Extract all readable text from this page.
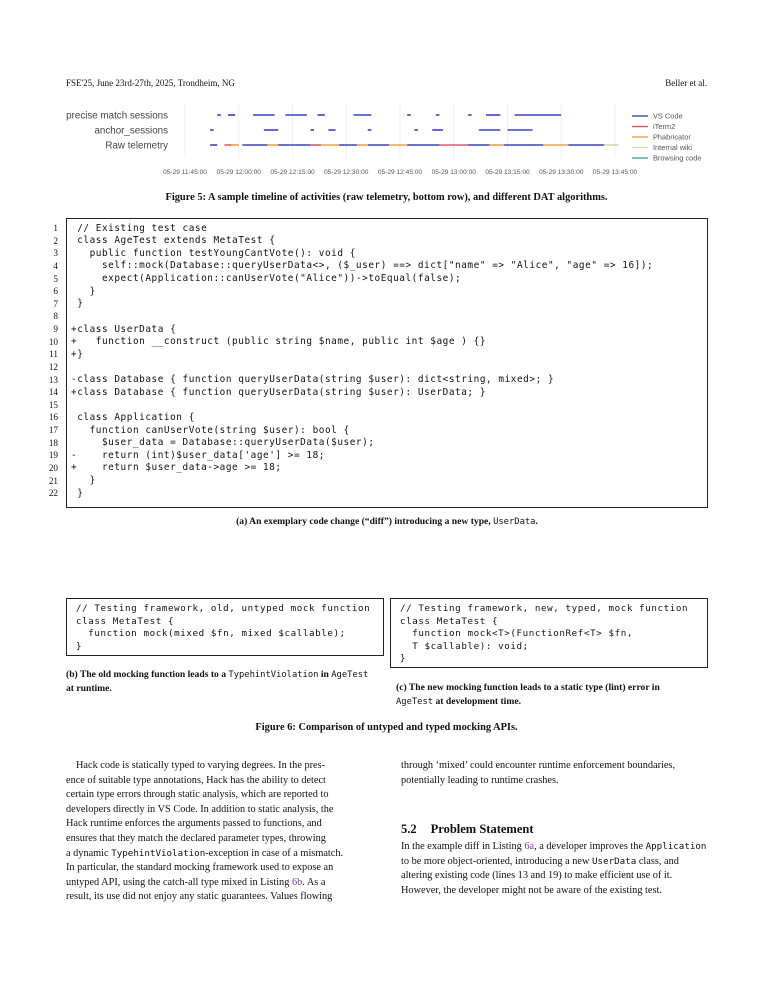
FSE'25, June 23rd-27th, 2025, Trondheim, NG	Beller et al.
precise match sessions
anchor_sessions
Raw telemetry
05-29 11:45:00 05-29 12:00:00 05-29 12:15:00 05-29 12:30:00 05-29 12:45:00 05-29 13:00:00 05-29 13:15:00 05-29 13:30:00 05-29 13:45:00
VS Code
iTerm2
Phabricator
Internal wiki
Browsing code
Figure 5: A sample timeline of activities (raw telemetry, bottom row), and different DAT algorithms.
1 // Existing test case
2 class AgeTest extends MetaTest {
3 public function testYoungCantVote(): void {
4 self::mock(Database::queryUserData<>, ($_user) ==> dict["name" => "Alice", "age" => 16]);
5 expect(Application::canUserVote("Alice"))->toEqual(false);
6 }
7 }
8
9 +class UserData {
10 +   function __construct (public string $name, public int $age ) {}
11 +}
12
13 -class Database { function queryUserData(string $user): dict<string, mixed>; }
14 +class Database { function queryUserData(string $user): UserData; }
15
16 class Application {
17 function canUserVote(string $user): bool {
18 $user_data = Database::queryUserData($user);
19 -    return (int)$user_data['age'] >= 18;
20 +    return $user_data->age >= 18;
21 }
22 }
(a) An exemplary code change (“diff”) introducing a new type, UserData.
// Testing framework, old, untyped mock function
class MetaTest {
function mock(mixed $fn, mixed $callable);
}
(b) The old mocking function leads to a TypehintViolation in AgeTest
at runtime.
// Testing framework, new, typed, mock function
class MetaTest {
function mock<T>(FunctionRef<T> $fn,
T $callable): void;
}
(c) The new mocking function leads to a static type (lint) error in
AgeTest at development time.
Figure 6: Comparison of untyped and typed mocking APIs.
Hack code is statically typed to varying degrees. In the pres-
ence of suitable type annotations, Hack has the ability to detect
certain type errors through static analysis, which are reported to
developers directly in VS Code. In addition to static analysis, the
Hack runtime enforces the arguments passed to functions, and
ensures that they match the declared parameter types, throwing
a dynamic TypehintViolation-exception in case of a mismatch.
In particular, the standard mocking framework used to expose an
untyped API, using the catch-all type mixed in Listing 6b. As a
result, its use did not enjoy any static guarantees. Values flowing
through ‘mixed’ could encounter runtime enforcement boundaries,
potentially leading to runtime crashes.
5.2 Problem Statement
In the example diff in Listing 6a, a developer improves the Application
to be more object-oriented, introducing a new UserData class, and
altering existing code (lines 13 and 19) to make efficient use of it.
However, the developer might not be aware of the existing test.
